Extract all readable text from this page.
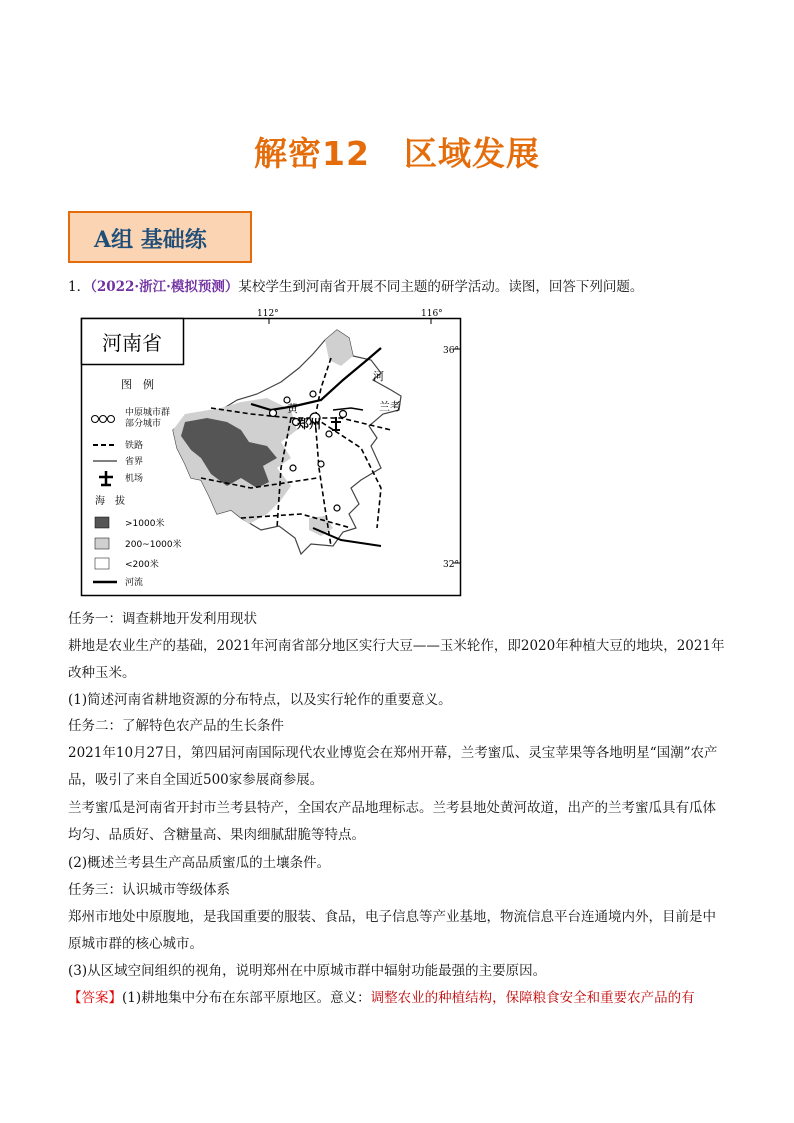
解密12　区域发展
A组 基础练
1．（2022·浙江·模拟预测）某校学生到河南省开展不同主题的研学活动。读图，回答下列问题。
河南省
图　例
中原城市群
部分城市
铁路
省界
机场
海　拔
>1000米
200~1000米
<200米
河流
112°	116°
36°
32°
河
黄	兰考
郑州

任务一：调查耕地开发利用现状

耕地是农业生产的基础，2021年河南省部分地区实行大豆——玉米轮作，即2020年种植大豆的地块，2021年改种玉米。

(1)简述河南省耕地资源的分布特点，以及实行轮作的重要意义。

任务二：了解特色农产品的生长条件

2021年10月27日，第四届河南国际现代农业博览会在郑州开幕，兰考蜜瓜、灵宝苹果等各地明星“国潮”农产品，吸引了来自全国近500家参展商参展。

兰考蜜瓜是河南省开封市兰考县特产，全国农产品地理标志。兰考县地处黄河故道，出产的兰考蜜瓜具有瓜体均匀、品质好、含糖量高、果肉细腻甜脆等特点。

(2)概述兰考县生产高品质蜜瓜的土壤条件。

任务三：认识城市等级体系

郑州市地处中原腹地，是我国重要的服装、食品，电子信息等产业基地，物流信息平台连通境内外，目前是中原城市群的核心城市。

(3)从区域空间组织的视角，说明郑州在中原城市群中辐射功能最强的主要原因。

【答案】(1)耕地集中分布在东部平原地区。意义：调整农业的种植结构，保障粮食安全和重要农产品的有
